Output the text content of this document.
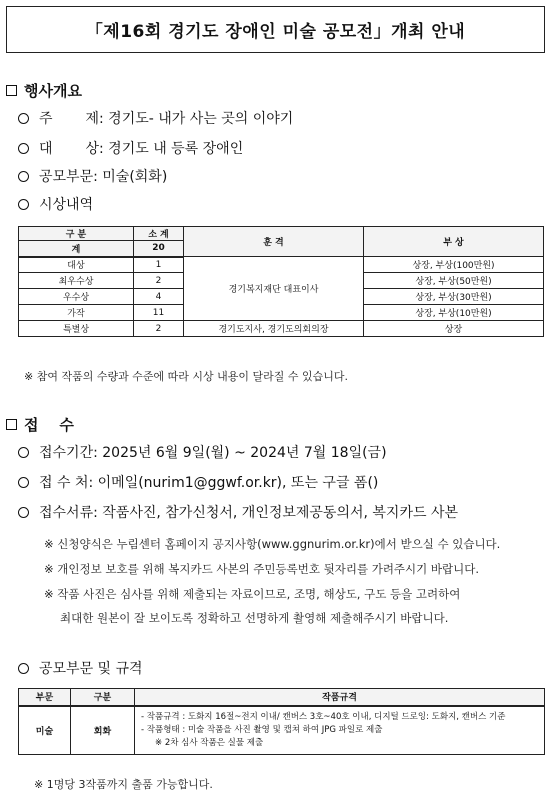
「제16회 경기도 장애인 미술 공모전」개최 안내
행사개요
주 제 : 경기도- 내가 사는 곳의 이야기
대 상 : 경기도 내 등록 장애인
공모부문 : 미술(회화)
시상내역
구 분	소 계	훈 격	부 상
계	20		
대상	1	경기복지재단 대표이사	상장, 부상(100만원)
최우수상	2		상장, 부상(50만원)
우수상	4		상장, 부상(30만원)
가작	11		상장, 부상(10만원)
특별상	2	경기도지사, 경기도의회의장	상장
※ 참여 작품의 수량과 수준에 따라 시상 내용이 달라질 수 있습니다.
접    수
접수기간 : 2025년 6월 9일(월) ~ 2024년 7월 18일(금)
접 수 처 : 이메일(nurim1@ggwf.or.kr), 또는 구글 폼()
접수서류 : 작품사진, 참가신청서, 개인정보제공동의서, 복지카드 사본
※ 신청양식은 누림센터 홈페이지 공지사항(www.ggnurim.or.kr)에서 받으실 수 있습니다.
※ 개인정보 보호를 위해 복지카드 사본의 주민등록번호 뒷자리를 가려주시기 바랍니다.
※ 작품 사진은 심사를 위해 제출되는 자료이므로, 조명, 해상도, 구도 등을 고려하여
최대한 원본이 잘 보이도록 정확하고 선명하게 촬영해 제출해주시기 바랍니다.
공모부문 및 규격
부문	구분	작품규격
미술	회화	- 작품규격 : 도화지 16절~전지 이내/ 캔버스 3호~40호 이내, 디지털 드로잉: 도화지, 캔버스 기준
- 작품형태 : 미술 작품을 사진 촬영 및 캡쳐 하여 JPG 파일로 제출
※ 2차 심사 작품은 실물 제출
※ 1명당 3작품까지 출품 가능합니다.
